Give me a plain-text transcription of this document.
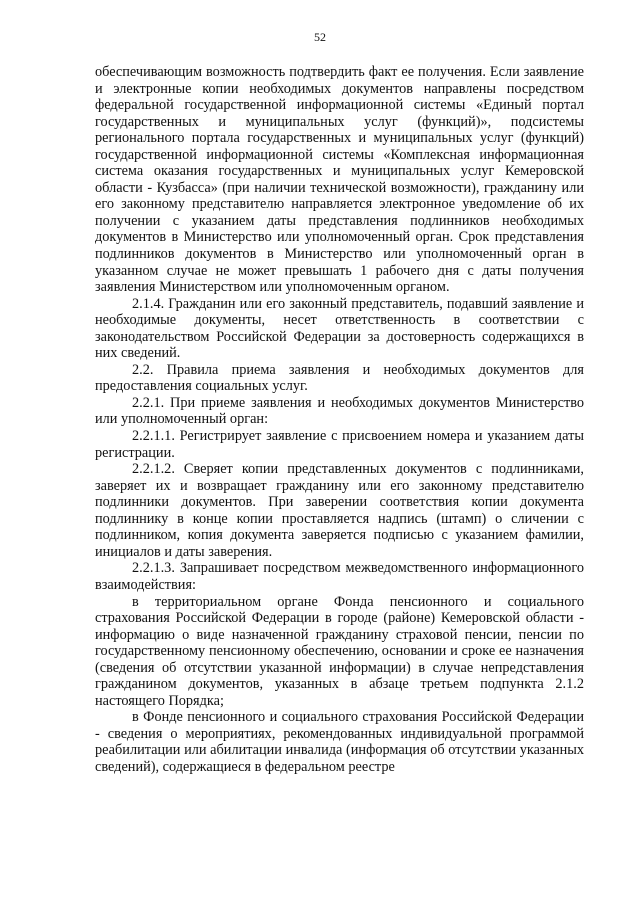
52

обеспечивающим возможность подтвердить факт ее получения. Если заявление и электронные копии необходимых документов направлены посредством федеральной государственной информационной системы «Единый портал государственных и муниципальных услуг (функций)», подсистемы регионального портала государственных и муниципальных услуг (функций) государственной информационной системы «Комплексная информационная система оказания государственных и муниципальных услуг Кемеровской области - Кузбасса» (при наличии технической возможности), гражданину или его законному представителю направляется электронное уведомление об их получении с указанием даты представления подлинников необходимых документов в Министерство или уполномоченный орган. Срок представления подлинников документов в Министерство или уполномоченный орган в указанном случае не может превышать 1 рабочего дня с даты получения заявления Министерством или уполномоченным органом.

2.1.4. Гражданин или его законный представитель, подавший заявление и необходимые документы, несет ответственность в соответствии с законодательством Российской Федерации за достоверность содержащихся в них сведений.

2.2. Правила приема заявления и необходимых документов для предоставления социальных услуг.

2.2.1. При приеме заявления и необходимых документов Министерство или уполномоченный орган:

2.2.1.1. Регистрирует заявление с присвоением номера и указанием даты регистрации.

2.2.1.2. Сверяет копии представленных документов с подлинниками, заверяет их и возвращает гражданину или его законному представителю подлинники документов. При заверении соответствия копии документа подлиннику в конце копии проставляется надпись (штамп) о сличении с подлинником, копия документа заверяется подписью с указанием фамилии, инициалов и даты заверения.

2.2.1.3. Запрашивает посредством межведомственного информационного взаимодействия:

в территориальном органе Фонда пенсионного и социального страхования Российской Федерации в городе (районе) Кемеровской области - информацию о виде назначенной гражданину страховой пенсии, пенсии по государственному пенсионному обеспечению, основании и сроке ее назначения (сведения об отсутствии указанной информации) в случае непредставления гражданином документов, указанных в абзаце третьем подпункта 2.1.2 настоящего Порядка;

в Фонде пенсионного и социального страхования Российской Федерации - сведения о мероприятиях, рекомендованных индивидуальной программой реабилитации или абилитации инвалида (информация об отсутствии указанных сведений), содержащиеся в федеральном реестре
